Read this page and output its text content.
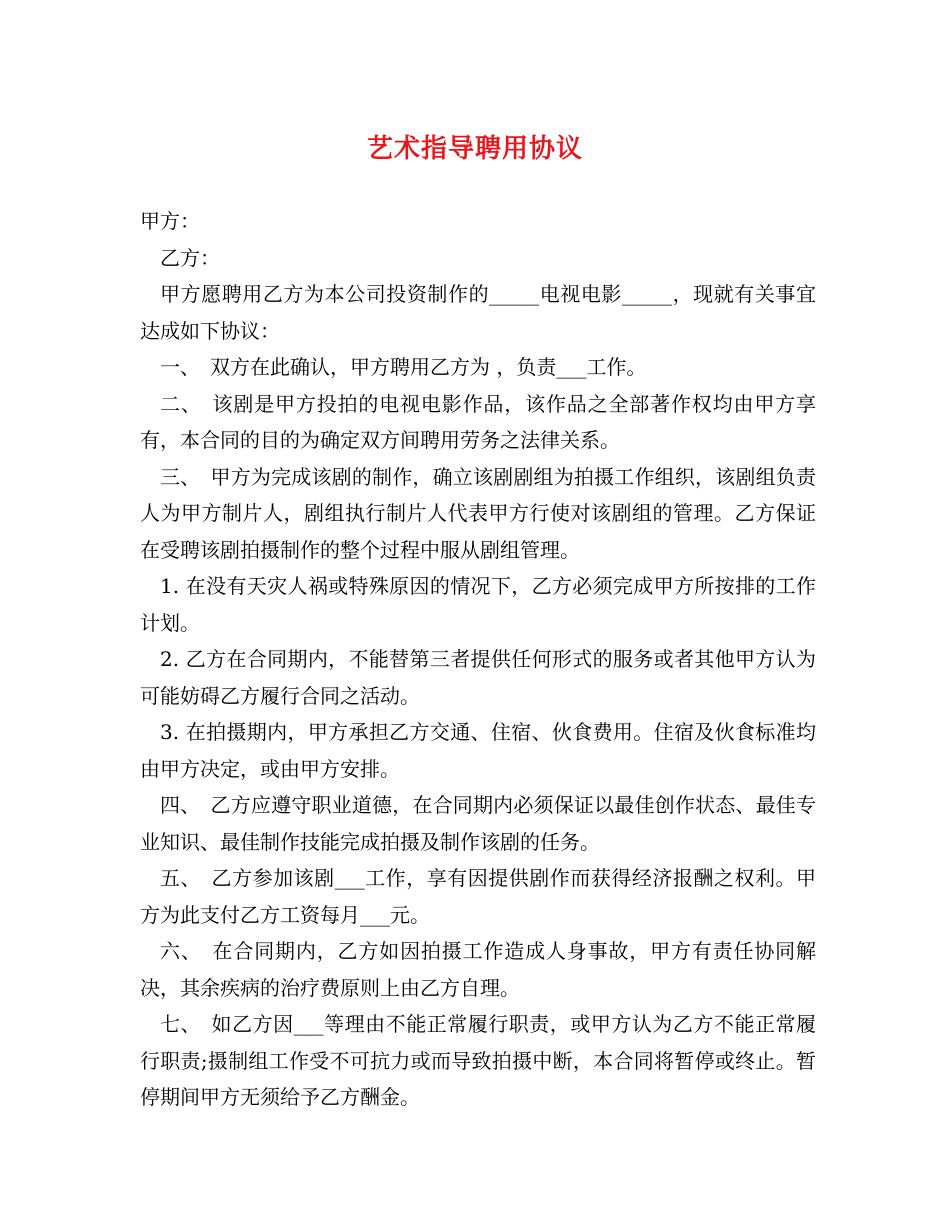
艺术指导聘用协议

甲方：

乙方：

甲方愿聘用乙方为本公司投资制作的_____电视电影_____，现就有关事宜达成如下协议：

一、　双方在此确认，甲方聘用乙方为 ，负责___工作。

二、　该剧是甲方投拍的电视电影作品，该作品之全部著作权均由甲方享有，本合同的目的为确定双方间聘用劳务之法律关系。

三、　甲方为完成该剧的制作，确立该剧剧组为拍摄工作组织，该剧组负责人为甲方制片人，剧组执行制片人代表甲方行使对该剧组的管理。乙方保证在受聘该剧拍摄制作的整个过程中服从剧组管理。

1. 在没有天灾人祸或特殊原因的情况下，乙方必须完成甲方所按排的工作计划。

2. 乙方在合同期内，不能替第三者提供任何形式的服务或者其他甲方认为可能妨碍乙方履行合同之活动。

3. 在拍摄期内，甲方承担乙方交通、住宿、伙食费用。住宿及伙食标准均由甲方决定，或由甲方安排。

四、　乙方应遵守职业道德，在合同期内必须保证以最佳创作状态、最佳专业知识、最佳制作技能完成拍摄及制作该剧的任务。

五、　乙方参加该剧___工作，享有因提供剧作而获得经济报酬之权利。甲方为此支付乙方工资每月___元。

六、　在合同期内，乙方如因拍摄工作造成人身事故，甲方有责任协同解决，其余疾病的治疗费原则上由乙方自理。

七、　如乙方因___等理由不能正常履行职责，或甲方认为乙方不能正常履行职责;摄制组工作受不可抗力或而导致拍摄中断，本合同将暂停或终止。暂停期间甲方无须给予乙方酬金。
